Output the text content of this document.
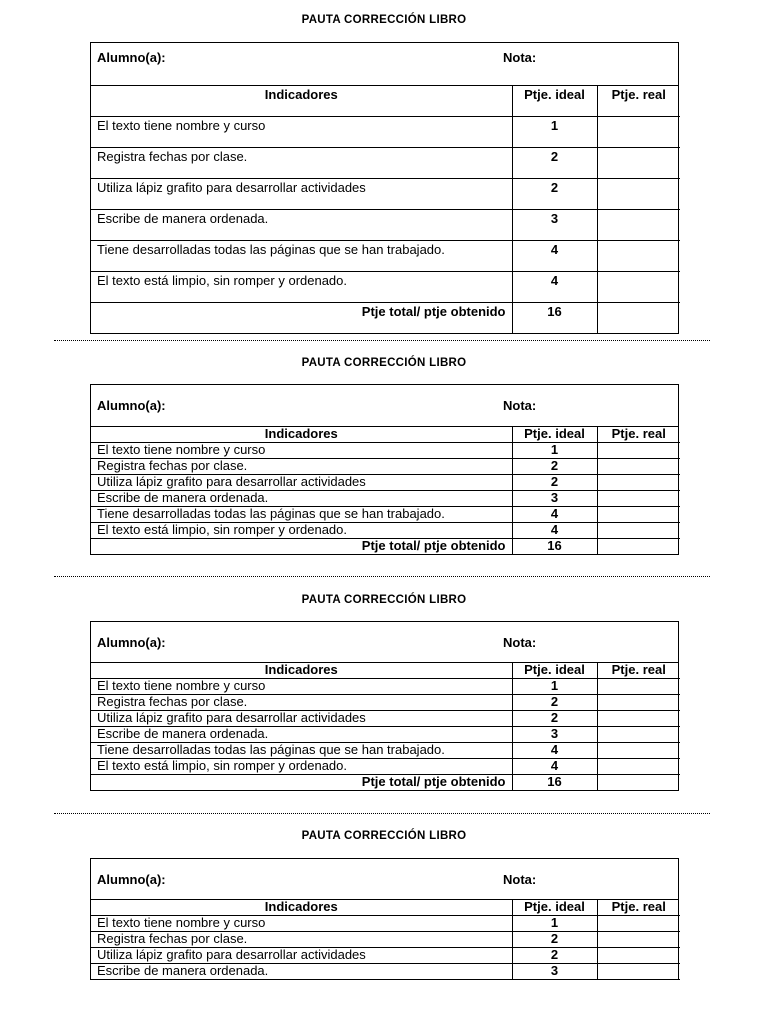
PAUTA CORRECCIÓN LIBRO
Alumno(a):	Nota:
Indicadores	Ptje. ideal	Ptje. real
El texto tiene nombre y curso	1	
Registra fechas por clase.	2	
Utiliza lápiz grafito para desarrollar actividades	2	
Escribe de manera ordenada.	3	
Tiene desarrolladas todas las páginas que se han trabajado.	4	
El texto está limpio, sin romper y ordenado.	4	
Ptje total/ ptje obtenido	16	
PAUTA CORRECCIÓN LIBRO
Alumno(a):	Nota:
Indicadores	Ptje. ideal	Ptje. real
El texto tiene nombre y curso	1	
Registra fechas por clase.	2	
Utiliza lápiz grafito para desarrollar actividades	2	
Escribe de manera ordenada.	3	
Tiene desarrolladas todas las páginas que se han trabajado.	4	
El texto está limpio, sin romper y ordenado.	4	
Ptje total/ ptje obtenido	16	
PAUTA CORRECCIÓN LIBRO
Alumno(a):	Nota:
Indicadores	Ptje. ideal	Ptje. real
El texto tiene nombre y curso	1	
Registra fechas por clase.	2	
Utiliza lápiz grafito para desarrollar actividades	2	
Escribe de manera ordenada.	3	
Tiene desarrolladas todas las páginas que se han trabajado.	4	
El texto está limpio, sin romper y ordenado.	4	
Ptje total/ ptje obtenido	16	
PAUTA CORRECCIÓN LIBRO
Alumno(a):	Nota:
Indicadores	Ptje. ideal	Ptje. real
El texto tiene nombre y curso	1	
Registra fechas por clase.	2	
Utiliza lápiz grafito para desarrollar actividades	2	
Escribe de manera ordenada.	3	
